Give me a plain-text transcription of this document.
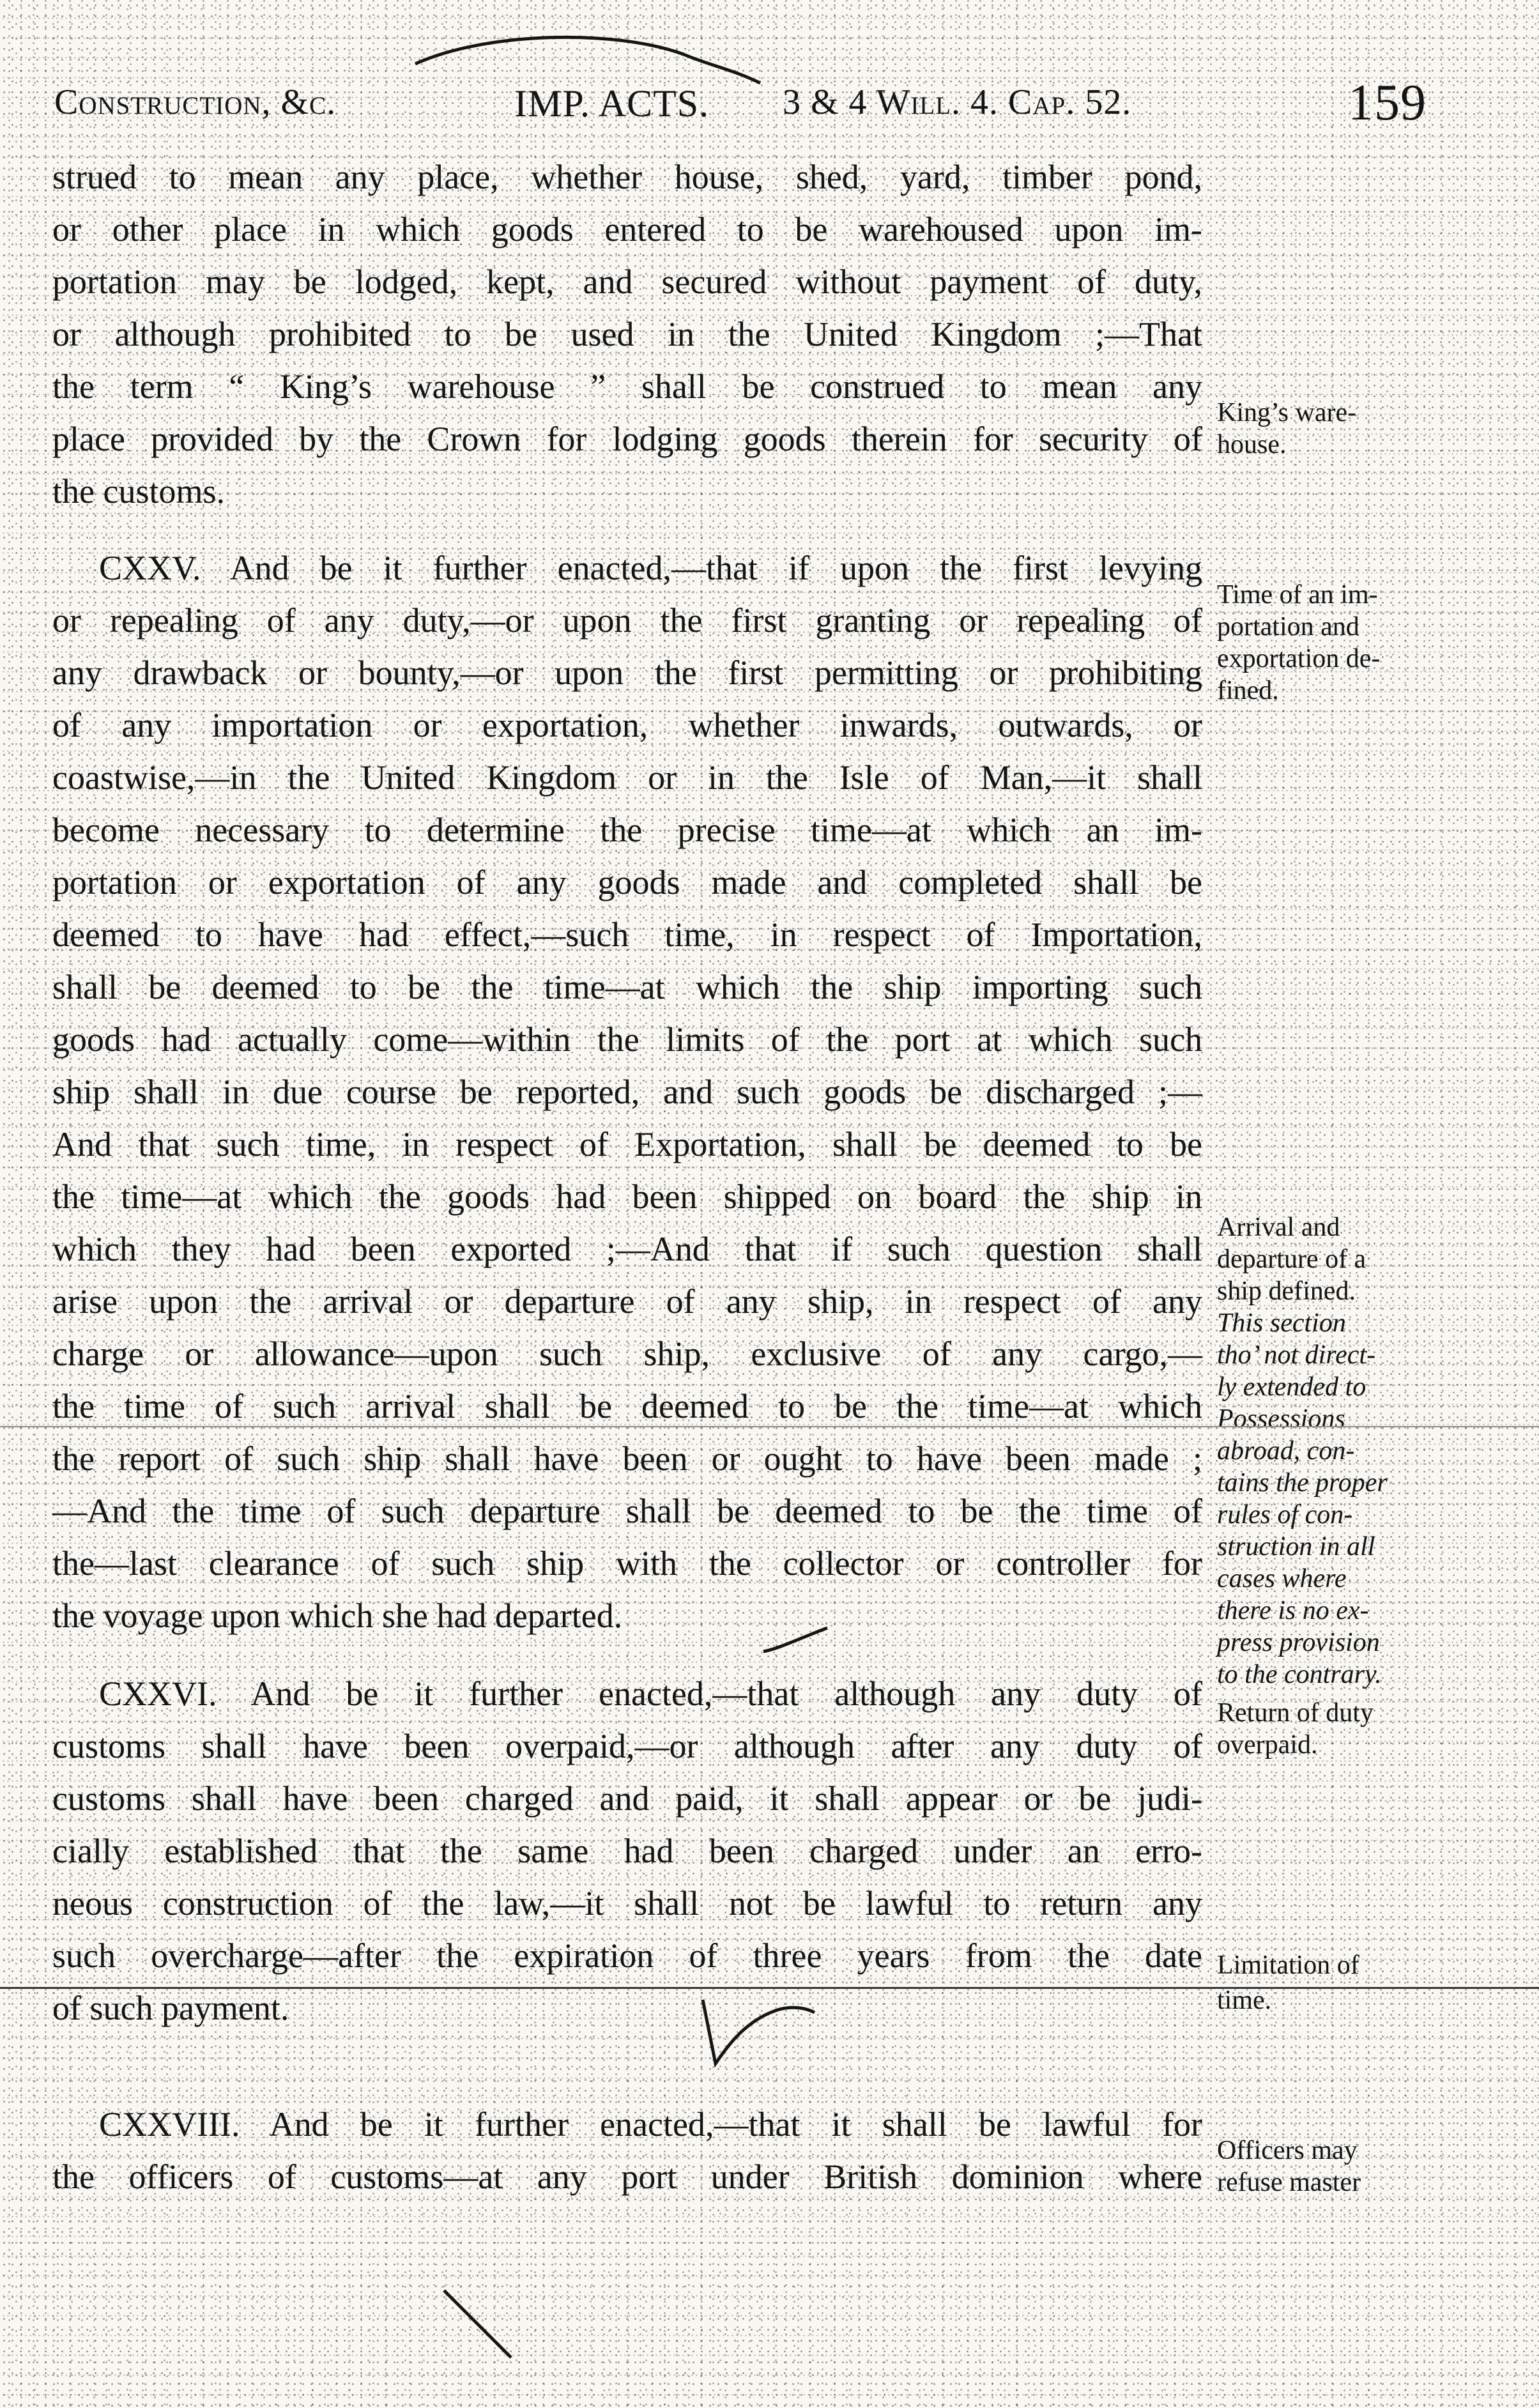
Construction, &c.	IMP. ACTS. 3 & 4 Will. 4. Cap. 52.	159
strued to mean any place, whether house, shed, yard, timber pond,
or other place in which goods entered to be warehoused upon im-
portation may be lodged, kept, and secured without payment of duty,
or although prohibited to be used in the United Kingdom ;—That
the term “ King’s warehouse ” shall be construed to mean any
place provided by the Crown for lodging goods therein for security of
the customs.
CXXV. And be it further enacted,—that if upon the first levying
or repealing of any duty,—or upon the first granting or repealing of
any drawback or bounty,—or upon the first permitting or prohibiting
of any importation or exportation, whether inwards, outwards, or
coastwise,—in the United Kingdom or in the Isle of Man,—it shall
become necessary to determine the precise time—at which an im-
portation or exportation of any goods made and completed shall be
deemed to have had effect,—such time, in respect of Importation,
shall be deemed to be the time—at which the ship importing such
goods had actually come—within the limits of the port at which such
ship shall in due course be reported, and such goods be discharged ;—
And that such time, in respect of Exportation, shall be deemed to be
the time—at which the goods had been shipped on board the ship in
which they had been exported ;—And that if such question shall
arise upon the arrival or departure of any ship, in respect of any
charge or allowance—upon such ship, exclusive of any cargo,—
the time of such arrival shall be deemed to be the time—at which
the report of such ship shall have been or ought to have been made ;
—And the time of such departure shall be deemed to be the time of
the—last clearance of such ship with the collector or controller for
the voyage upon which she had departed.
CXXVI. And be it further enacted,—that although any duty of
customs shall have been overpaid,—or although after any duty of
customs shall have been charged and paid, it shall appear or be judi-
cially established that the same had been charged under an erro-
neous construction of the law,—it shall not be lawful to return any
such overcharge—after the expiration of three years from the date
of such payment.
CXXVIII. And be it further enacted,—that it shall be lawful for
the officers of customs—at any port under British dominion where
King’s ware-
house.
Time of an im-
portation and
exportation de-
fined.
Arrival and
departure of a
ship defined.
This section
tho’ not direct-
ly extended to
Possessions
abroad, con-
tains the proper
rules of con-
struction in all
cases where
there is no ex-
press provision
to the contrary.
Return of duty
overpaid.
Limitation of
time.
Officers may
refuse master
